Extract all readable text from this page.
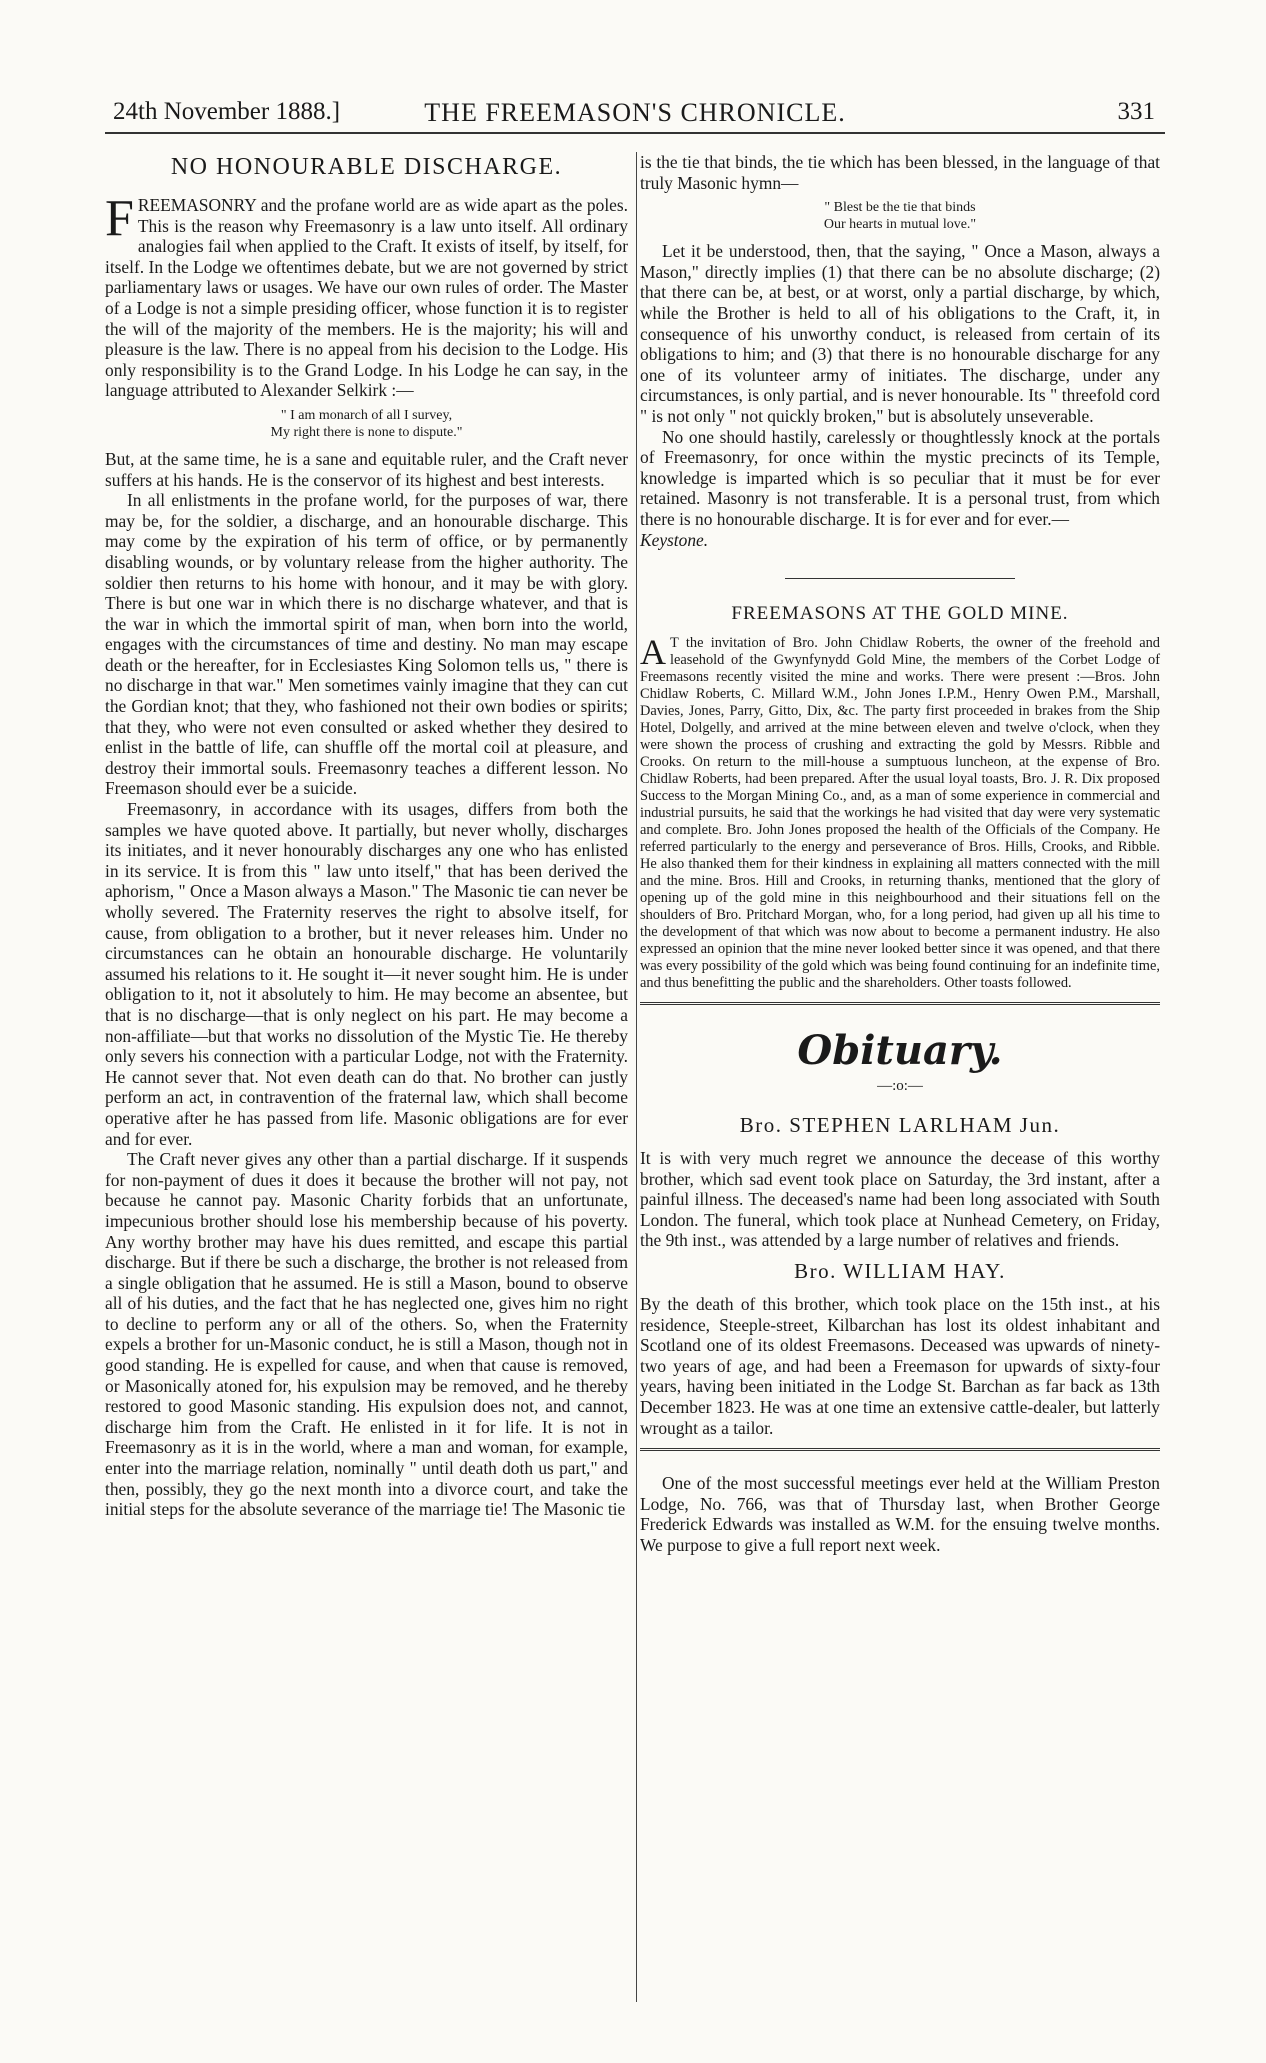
24th November 1888.]	THE FREEMASON'S CHRONICLE.	331
NO HONOURABLE DISCHARGE.

FREEMASONRY and the profane world are as wide apart as the poles. This is the reason why Freemasonry is a law unto itself. All ordinary analogies fail when applied to the Craft. It exists of itself, by itself, for itself. In the Lodge we oftentimes debate, but we are not governed by strict parliamentary laws or usages. We have our own rules of order. The Master of a Lodge is not a simple presiding officer, whose function it is to register the will of the majority of the members. He is the majority; his will and pleasure is the law. There is no appeal from his decision to the Lodge. His only responsibility is to the Grand Lodge. In his Lodge he can say, in the language attributed to Alexander Selkirk :—

" I am monarch of all I survey,
My right there is none to dispute."

But, at the same time, he is a sane and equitable ruler, and the Craft never suffers at his hands. He is the conservor of its highest and best interests.

In all enlistments in the profane world, for the purposes of war, there may be, for the soldier, a discharge, and an honourable discharge. This may come by the expiration of his term of office, or by permanently disabling wounds, or by voluntary release from the higher authority. The soldier then returns to his home with honour, and it may be with glory. There is but one war in which there is no discharge whatever, and that is the war in which the immortal spirit of man, when born into the world, engages with the circumstances of time and destiny. No man may escape death or the hereafter, for in Ecclesiastes King Solomon tells us, " there is no discharge in that war." Men sometimes vainly imagine that they can cut the Gordian knot; that they, who fashioned not their own bodies or spirits; that they, who were not even consulted or asked whether they desired to enlist in the battle of life, can shuffle off the mortal coil at pleasure, and destroy their immortal souls. Freemasonry teaches a different lesson. No Freemason should ever be a suicide.

Freemasonry, in accordance with its usages, differs from both the samples we have quoted above. It partially, but never wholly, discharges its initiates, and it never honourably discharges any one who has enlisted in its service. It is from this " law unto itself," that has been derived the aphorism, " Once a Mason always a Mason." The Masonic tie can never be wholly severed. The Fraternity reserves the right to absolve itself, for cause, from obligation to a brother, but it never releases him. Under no circumstances can he obtain an honourable discharge. He voluntarily assumed his relations to it. He sought it—it never sought him. He is under obligation to it, not it absolutely to him. He may become an absentee, but that is no discharge—that is only neglect on his part. He may become a non-affiliate—but that works no dissolution of the Mystic Tie. He thereby only severs his connection with a particular Lodge, not with the Fraternity. He cannot sever that. Not even death can do that. No brother can justly perform an act, in contravention of the fraternal law, which shall become operative after he has passed from life. Masonic obligations are for ever and for ever.

The Craft never gives any other than a partial discharge. If it suspends for non-payment of dues it does it because the brother will not pay, not because he cannot pay. Masonic Charity forbids that an unfortunate, impecunious brother should lose his membership because of his poverty. Any worthy brother may have his dues remitted, and escape this partial discharge. But if there be such a discharge, the brother is not released from a single obligation that he assumed. He is still a Mason, bound to observe all of his duties, and the fact that he has neglected one, gives him no right to decline to perform any or all of the others. So, when the Fraternity expels a brother for un-Masonic conduct, he is still a Mason, though not in good standing. He is expelled for cause, and when that cause is removed, or Masonically atoned for, his expulsion may be removed, and he thereby restored to good Masonic standing. His expulsion does not, and cannot, discharge him from the Craft. He enlisted in it for life. It is not in Freemasonry as it is in the world, where a man and woman, for example, enter into the marriage relation, nominally " until death doth us part," and then, possibly, they go the next month into a divorce court, and take the initial steps for the absolute severance of the marriage tie! The Masonic tie

is the tie that binds, the tie which has been blessed, in the language of that truly Masonic hymn—

" Blest be the tie that binds
Our hearts in mutual love."

Let it be understood, then, that the saying, " Once a Mason, always a Mason," directly implies (1) that there can be no absolute discharge; (2) that there can be, at best, or at worst, only a partial discharge, by which, while the Brother is held to all of his obligations to the Craft, it, in consequence of his unworthy conduct, is released from certain of its obligations to him; and (3) that there is no honourable discharge for any one of its volunteer army of initiates. The discharge, under any circumstances, is only partial, and is never honourable. Its " threefold cord " is not only " not quickly broken," but is absolutely unseverable.

No one should hastily, carelessly or thoughtlessly knock at the portals of Freemasonry, for once within the mystic precincts of its Temple, knowledge is imparted which is so peculiar that it must be for ever retained. Masonry is not transferable. It is a personal trust, from which there is no honourable discharge. It is for ever and for ever.—
Keystone.

FREEMASONS AT THE GOLD MINE.

A T the invitation of Bro. John Chidlaw Roberts, the owner of the freehold and leasehold of the Gwynfynydd Gold Mine, the members of the Corbet Lodge of Freemasons recently visited the mine and works. There were present :—Bros. John Chidlaw Roberts, C. Millard W.M., John Jones I.P.M., Henry Owen P.M., Marshall, Davies, Jones, Parry, Gitto, Dix, &c. The party first proceeded in brakes from the Ship Hotel, Dolgelly, and arrived at the mine between eleven and twelve o'clock, when they were shown the process of crushing and extracting the gold by Messrs. Ribble and Crooks. On return to the mill-house a sumptuous luncheon, at the expense of Bro. Chidlaw Roberts, had been prepared. After the usual loyal toasts, Bro. J. R. Dix proposed Success to the Morgan Mining Co., and, as a man of some experience in commercial and industrial pursuits, he said that the workings he had visited that day were very systematic and complete. Bro. John Jones proposed the health of the Officials of the Company. He referred particularly to the energy and perseverance of Bros. Hills, Crooks, and Ribble. He also thanked them for their kindness in explaining all matters connected with the mill and the mine. Bros. Hill and Crooks, in returning thanks, mentioned that the glory of opening up of the gold mine in this neighbourhood and their situations fell on the shoulders of Bro. Pritchard Morgan, who, for a long period, had given up all his time to the development of that which was now about to become a permanent industry. He also expressed an opinion that the mine never looked better since it was opened, and that there was every possibility of the gold which was being found continuing for an indefinite time, and thus benefitting the public and the shareholders. Other toasts followed.

Obituary.
—:o:—
Bro. STEPHEN LARLHAM Jun.

It is with very much regret we announce the decease of this worthy brother, which sad event took place on Saturday, the 3rd instant, after a painful illness. The deceased's name had been long associated with South London. The funeral, which took place at Nunhead Cemetery, on Friday, the 9th inst., was attended by a large number of relatives and friends.

Bro. WILLIAM HAY.

By the death of this brother, which took place on the 15th inst., at his residence, Steeple-street, Kilbarchan has lost its oldest inhabitant and Scotland one of its oldest Freemasons. Deceased was upwards of ninety-two years of age, and had been a Freemason for upwards of sixty-four years, having been initiated in the Lodge St. Barchan as far back as 13th December 1823. He was at one time an extensive cattle-dealer, but latterly wrought as a tailor.

One of the most successful meetings ever held at the William Preston Lodge, No. 766, was that of Thursday last, when Brother George Frederick Edwards was installed as W.M. for the ensuing twelve months. We purpose to give a full report next week.
